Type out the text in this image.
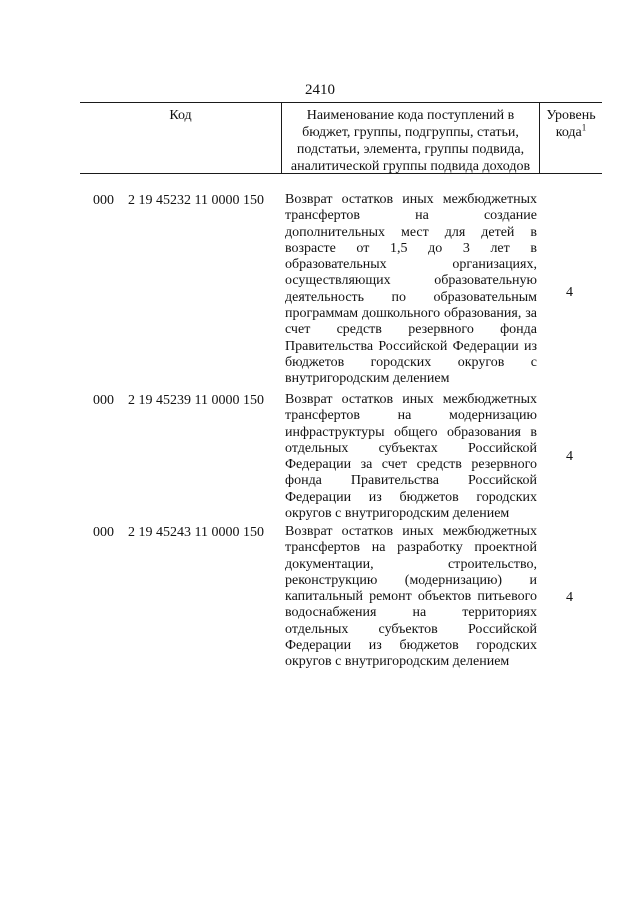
2410
Код	Наименование кода поступлений в бюджет, группы, подгруппы, статьи, подстатьи, элемента, группы подвида, аналитической группы подвида доходов
Уровень кода$^1$
000 2 19 45232 11 0000 150 Возврат остатков иных межбюджетных трансфертов на создание дополнительных мест для детей в возрасте от 1,5 до 3 лет в образовательных организациях, осуществляющих образовательную деятельность по образовательным программам дошкольного образования, за счет средств резервного фонда Правительства Российской Федерации из бюджетов городских округов с внутригородским делением
4
000 2 19 45239 11 0000 150 Возврат остатков иных межбюджетных трансфертов на модернизацию инфраструктуры общего образования в отдельных субъектах Российской Федерации за счет средств резервного фонда Правительства Российской Федерации из бюджетов городских округов с внутригородским делением
4
000 2 19 45243 11 0000 150 Возврат остатков иных межбюджетных трансфертов на разработку проектной документации, строительство, реконструкцию (модернизацию) и капитальный ремонт объектов питьевого водоснабжения на территориях отдельных субъектов Российской Федерации из бюджетов городских округов с внутригородским делением
4
